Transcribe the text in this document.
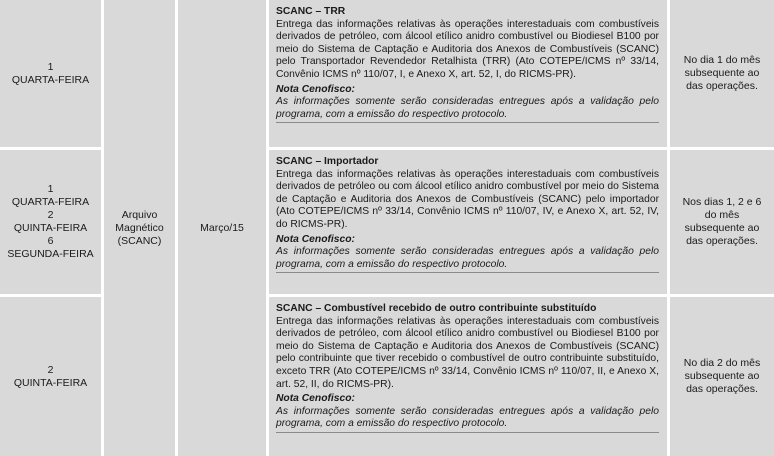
1
QUARTA-FEIRA
Arquivo
Magnético
(SCANC)
Março/15
SCANC – TRR
Entrega das informações relativas às operações interestaduais com combustíveis derivados de petróleo, com álcool etílico anidro combustível ou Biodiesel B100 por meio do Sistema de Captação e Auditoria dos Anexos de Combustíveis (SCANC) pelo Transportador Revendedor Retalhista (TRR) (Ato COTEPE/ICMS nº 33/14, Convênio ICMS nº 110/07, I, e Anexo X, art. 52, I, do RICMS-PR).
Nota Cenofisco:
As informações somente serão consideradas entregues após a validação pelo programa, com a emissão do respectivo protocolo.
No dia 1 do mês subsequente ao das operações.
1
QUARTA-FEIRA
2
QUINTA-FEIRA
6
SEGUNDA-FEIRA
SCANC – Importador
Entrega das informações relativas às operações interestaduais com combustíveis derivados de petróleo ou com álcool etílico anidro combustível por meio do Sistema de Captação e Auditoria dos Anexos de Combustíveis (SCANC) pelo importador (Ato COTEPE/ICMS nº 33/14, Convênio ICMS nº 110/07, IV, e Anexo X, art. 52, IV, do RICMS-PR).
Nota Cenofisco:
As informações somente serão consideradas entregues após a validação pelo programa, com a emissão do respectivo protocolo.
Nos dias 1, 2 e 6 do mês subsequente ao das operações.
2
QUINTA-FEIRA
SCANC – Combustível recebido de outro contribuinte substituído
Entrega das informações relativas às operações interestaduais com combustíveis derivados de petróleo, com álcool etílico anidro combustível ou Biodiesel B100 por meio do Sistema de Captação e Auditoria dos Anexos de Combustíveis (SCANC) pelo contribuinte que tiver recebido o combustível de outro contribuinte substituído, exceto TRR (Ato COTEPE/ICMS nº 33/14, Convênio ICMS nº 110/07, II, e Anexo X, art. 52, II, do RICMS-PR).
Nota Cenofisco:
As informações somente serão consideradas entregues após a validação pelo programa, com a emissão do respectivo protocolo.
No dia 2 do mês subsequente ao das operações.
